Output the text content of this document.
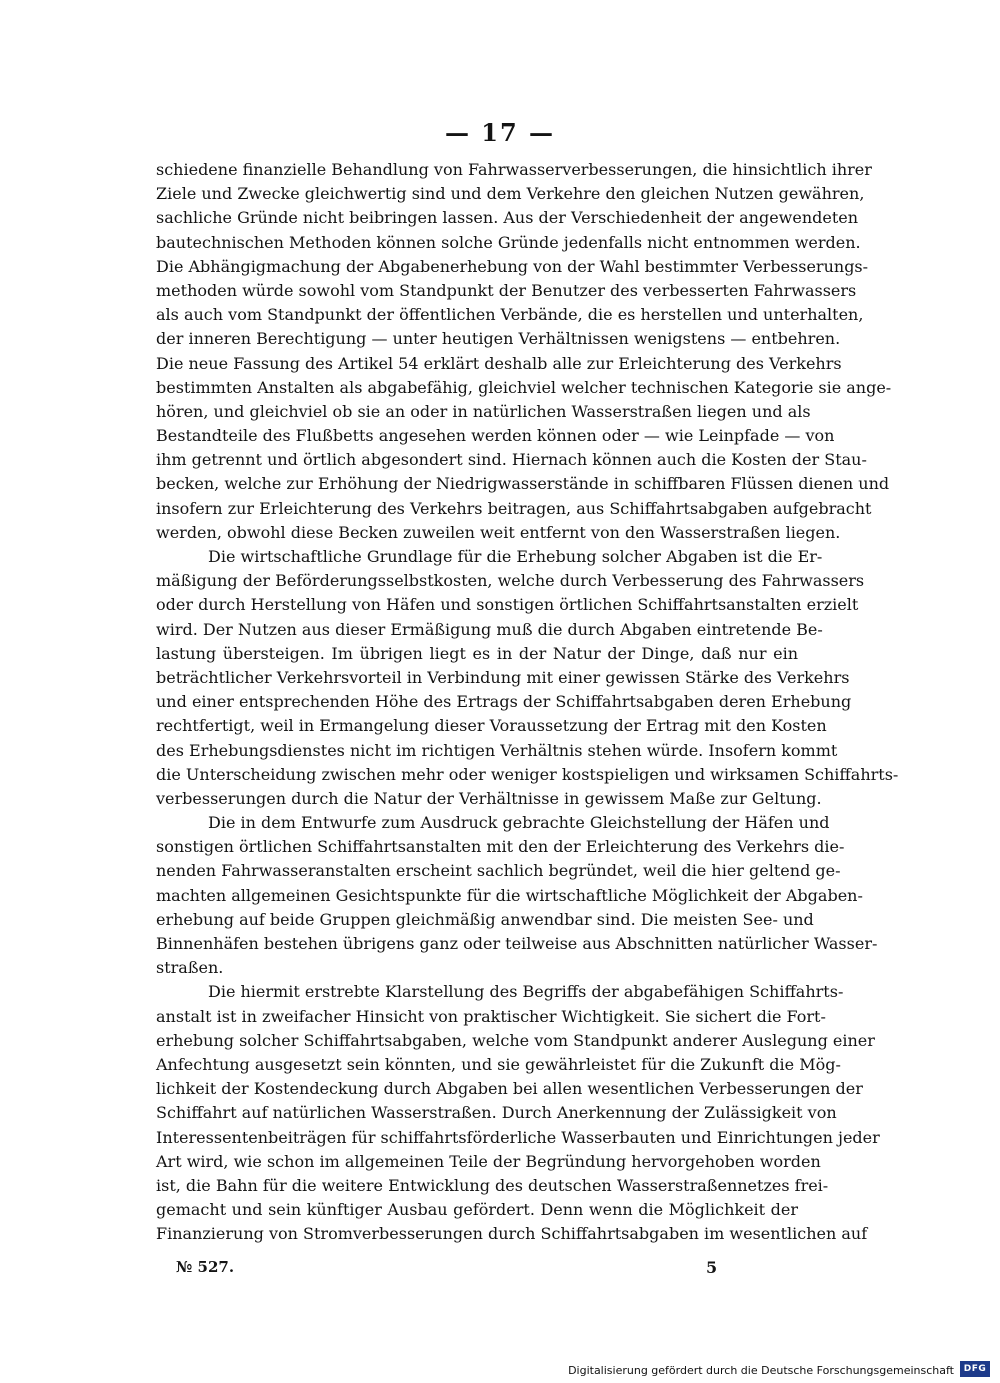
— 17 —
schiedene finanzielle Behandlung von Fahrwasserverbesserungen, die hinsichtlich ihrer
Ziele und Zwecke gleichwertig sind und dem Verkehre den gleichen Nutzen gewähren,
sachliche Gründe nicht beibringen lassen. Aus der Verschiedenheit der angewendeten
bautechnischen Methoden können solche Gründe jedenfalls nicht entnommen werden.
Die Abhängigmachung der Abgabenerhebung von der Wahl bestimmter Verbesserungs-
methoden würde sowohl vom Standpunkt der Benutzer des verbesserten Fahrwassers
als auch vom Standpunkt der öffentlichen Verbände, die es herstellen und unterhalten,
der inneren Berechtigung — unter heutigen Verhältnissen wenigstens — entbehren.
Die neue Fassung des Artikel 54 erklärt deshalb alle zur Erleichterung des Verkehrs
bestimmten Anstalten als abgabefähig, gleichviel welcher technischen Kategorie sie ange-
hören, und gleichviel ob sie an oder in natürlichen Wasserstraßen liegen und als
Bestandteile des Flußbetts angesehen werden können oder — wie Leinpfade — von
ihm getrennt und örtlich abgesondert sind. Hiernach können auch die Kosten der Stau-
becken, welche zur Erhöhung der Niedrigwasserstände in schiffbaren Flüssen dienen und
insofern zur Erleichterung des Verkehrs beitragen, aus Schiffahrtsabgaben aufgebracht
werden, obwohl diese Becken zuweilen weit entfernt von den Wasserstraßen liegen.
Die wirtschaftliche Grundlage für die Erhebung solcher Abgaben ist die Er-
mäßigung der Beförderungsselbstkosten, welche durch Verbesserung des Fahrwassers
oder durch Herstellung von Häfen und sonstigen örtlichen Schiffahrtsanstalten erzielt
wird. Der Nutzen aus dieser Ermäßigung muß die durch Abgaben eintretende Be-
lastung übersteigen. Im übrigen liegt es in der Natur der Dinge, daß nur ein
beträchtlicher Verkehrsvorteil in Verbindung mit einer gewissen Stärke des Verkehrs
und einer entsprechenden Höhe des Ertrags der Schiffahrtsabgaben deren Erhebung
rechtfertigt, weil in Ermangelung dieser Voraussetzung der Ertrag mit den Kosten
des Erhebungsdienstes nicht im richtigen Verhältnis stehen würde. Insofern kommt
die Unterscheidung zwischen mehr oder weniger kostspieligen und wirksamen Schiffahrts-
verbesserungen durch die Natur der Verhältnisse in gewissem Maße zur Geltung.
Die in dem Entwurfe zum Ausdruck gebrachte Gleichstellung der Häfen und
sonstigen örtlichen Schiffahrtsanstalten mit den der Erleichterung des Verkehrs die-
nenden Fahrwasseranstalten erscheint sachlich begründet, weil die hier geltend ge-
machten allgemeinen Gesichtspunkte für die wirtschaftliche Möglichkeit der Abgaben-
erhebung auf beide Gruppen gleichmäßig anwendbar sind. Die meisten See- und
Binnenhäfen bestehen übrigens ganz oder teilweise aus Abschnitten natürlicher Wasser-
straßen.
Die hiermit erstrebte Klarstellung des Begriffs der abgabefähigen Schiffahrts-
anstalt ist in zweifacher Hinsicht von praktischer Wichtigkeit. Sie sichert die Fort-
erhebung solcher Schiffahrtsabgaben, welche vom Standpunkt anderer Auslegung einer
Anfechtung ausgesetzt sein könnten, und sie gewährleistet für die Zukunft die Mög-
lichkeit der Kostendeckung durch Abgaben bei allen wesentlichen Verbesserungen der
Schiffahrt auf natürlichen Wasserstraßen. Durch Anerkennung der Zulässigkeit von
Interessentenbeiträgen für schiffahrtsförderliche Wasserbauten und Einrichtungen jeder
Art wird, wie schon im allgemeinen Teile der Begründung hervorgehoben worden
ist, die Bahn für die weitere Entwicklung des deutschen Wasserstraßennetzes frei-
gemacht und sein künftiger Ausbau gefördert. Denn wenn die Möglichkeit der
Finanzierung von Stromverbesserungen durch Schiffahrtsabgaben im wesentlichen auf
№ 527.	5
Digitalisierung gefördert durch die Deutsche Forschungsgemeinschaft	DFG
